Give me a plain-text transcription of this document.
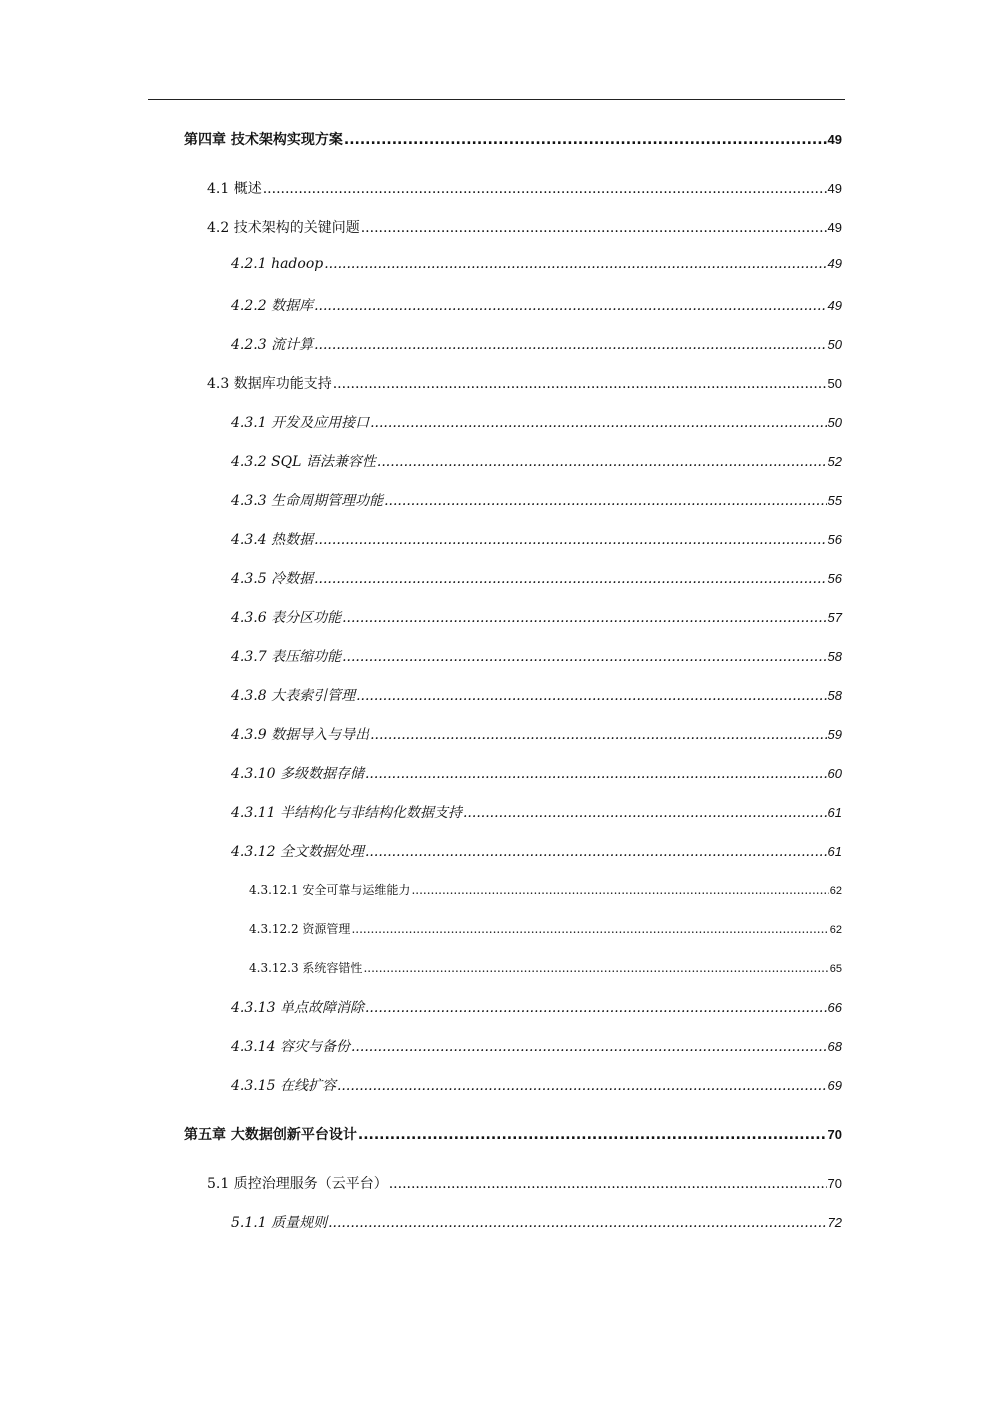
第四章 技术架构实现方案 .....	49
4.1 概述 .....	49
4.2 技术架构的关键问题 .....	49
4.2.1 hadoop .....	49
4.2.2 数据库 .....	49
4.2.3 流计算 .....	50
4.3 数据库功能支持 .....	50
4.3.1 开发及应用接口 .....	50
4.3.2 SQL 语法兼容性 .....	52
4.3.3 生命周期管理功能 .....	55
4.3.4 热数据 .....	56
4.3.5 冷数据 .....	56
4.3.6 表分区功能 .....	57
4.3.7 表压缩功能 .....	58
4.3.8 大表索引管理 .....	58
4.3.9 数据导入与导出 .....	59
4.3.10 多级数据存储 .....	60
4.3.11 半结构化与非结构化数据支持 .....	61
4.3.12 全文数据处理 .....	61
4.3.12.1 安全可靠与运维能力 .....	62
4.3.12.2 资源管理 .....	62
4.3.12.3 系统容错性 .....	65
4.3.13 单点故障消除 .....	66
4.3.14 容灾与备份 .....	68
4.3.15 在线扩容 .....	69
第五章 大数据创新平台设计 .....	70
5.1 质控治理服务（云平台） .....	70
5.1.1 质量规则 .....	72
